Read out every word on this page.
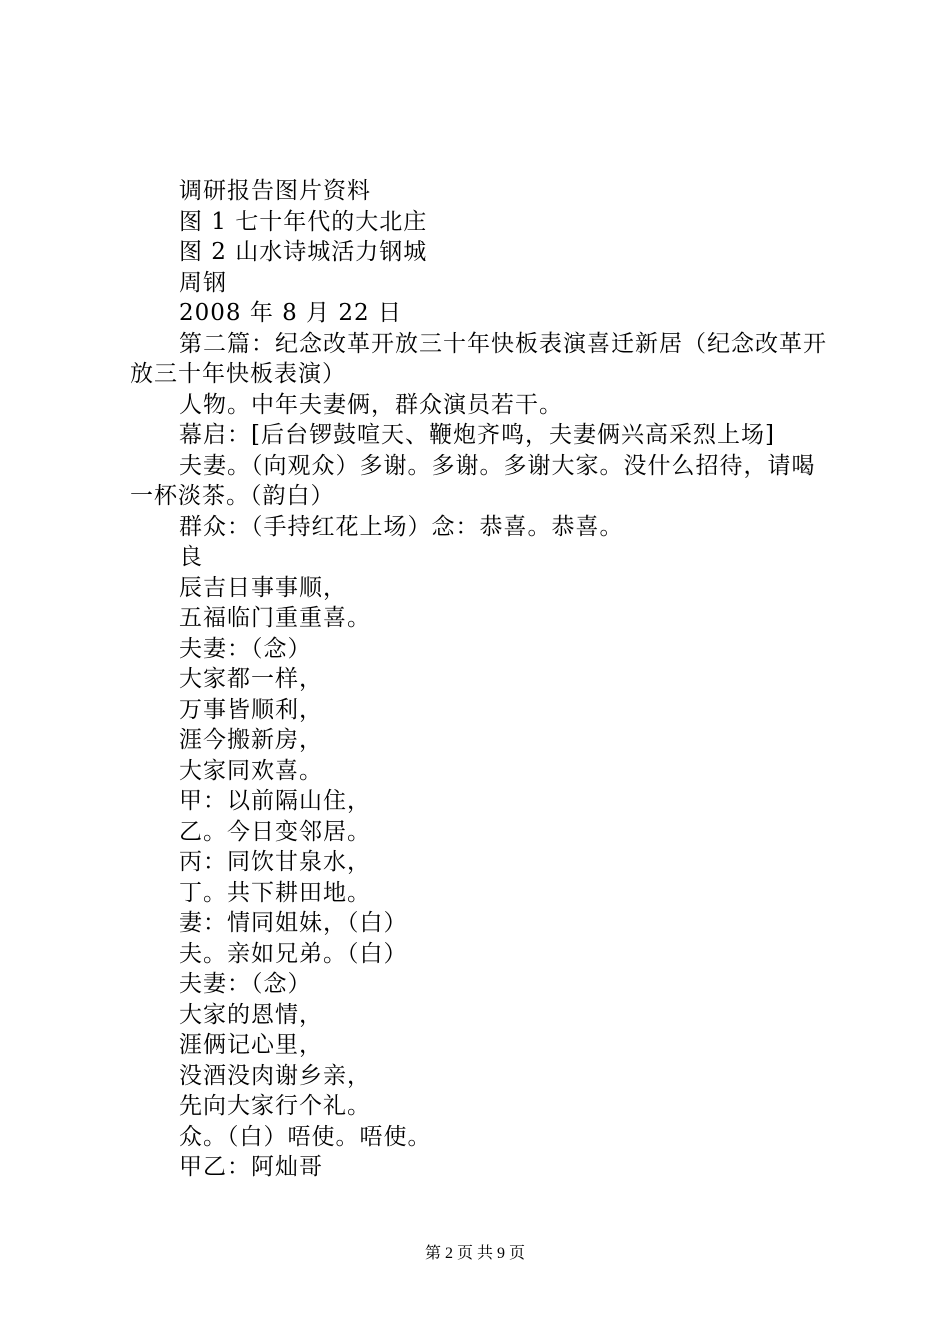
调研报告图片资料

图 1 七十年代的大北庄

图 2 山水诗城活力钢城

周钢

2008 年 8 月 22 日

第二篇：纪念改革开放三十年快板表演喜迁新居（纪念改革开放三十年快板表演）

人物。中年夫妻俩，群众演员若干。

幕启：[后台锣鼓喧天、鞭炮齐鸣，夫妻俩兴高采烈上场]

夫妻。（向观众）多谢。多谢。多谢大家。没什么招待，请喝一杯淡茶。（韵白）

群众：（手持红花上场）念：恭喜。恭喜。

良

辰吉日事事顺，

五福临门重重喜。

夫妻：（念）

大家都一样，

万事皆顺利，

涯今搬新房，

大家同欢喜。

甲：以前隔山住，

乙。今日变邻居。

丙：同饮甘泉水，

丁。共下耕田地。

妻：情同姐妹，（白）

夫。亲如兄弟。（白）

夫妻：（念）

大家的恩情，

涯俩记心里，

没酒没肉谢乡亲，

先向大家行个礼。

众。（白）唔使。唔使。

甲乙：阿灿哥

第 2 页 共 9 页
